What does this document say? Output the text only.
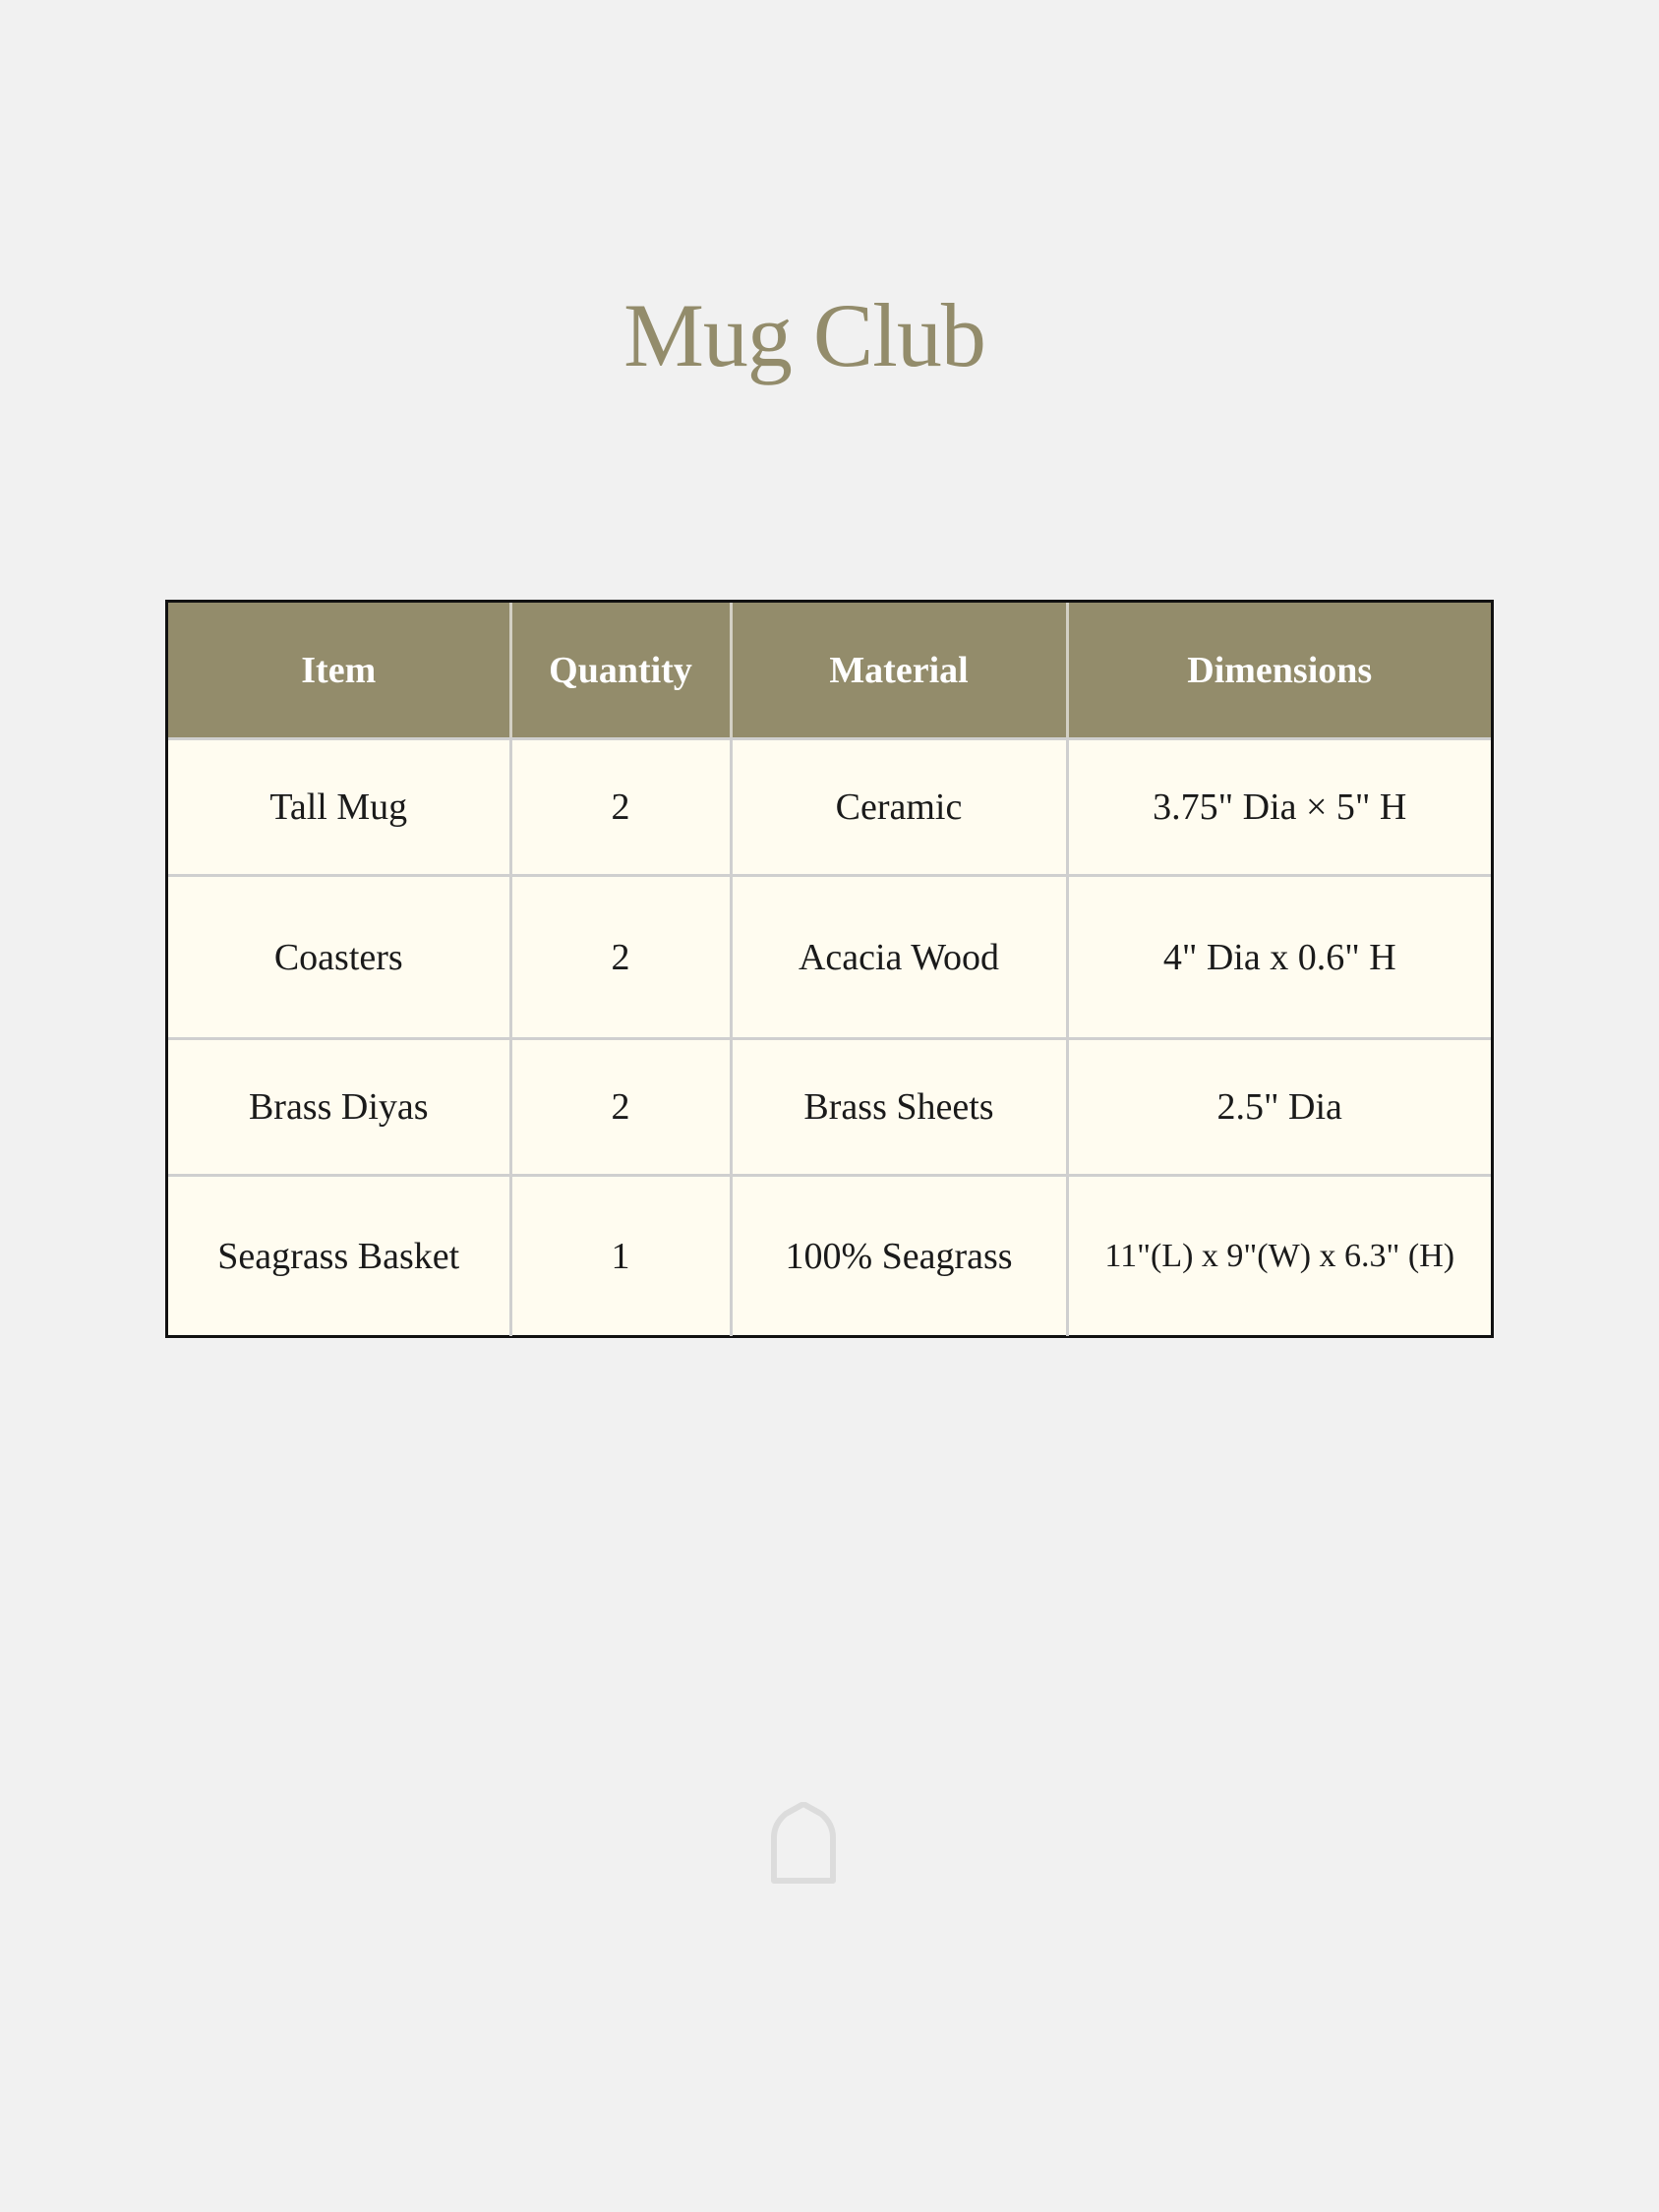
Mug Club
Item	Quantity	Material	Dimensions
Tall Mug	2	Ceramic	3.75" Dia × 5" H
Coasters	2	Acacia Wood	4" Dia x 0.6" H
Brass Diyas	2	Brass Sheets	2.5" Dia
Seagrass Basket	1	100% Seagrass	11"(L) x 9"(W) x 6.3" (H)
